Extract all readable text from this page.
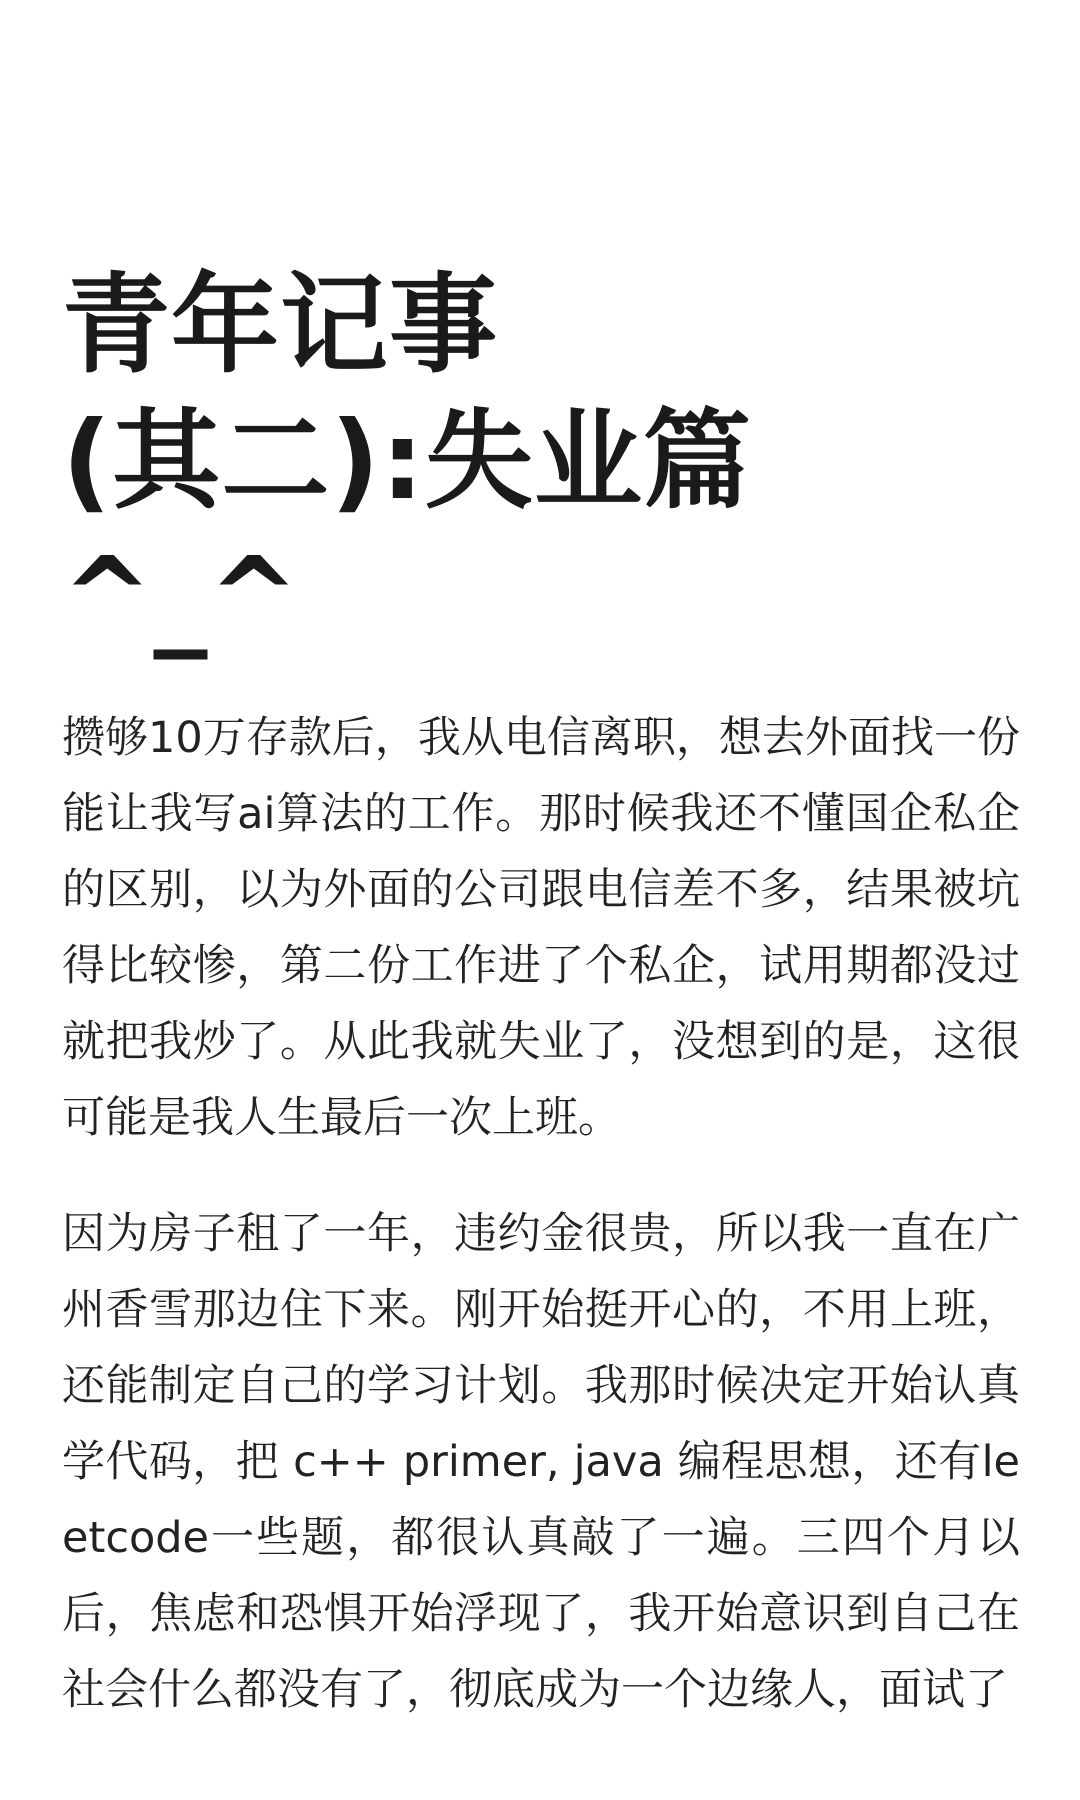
青年记事
(其二):失业篇
^_^

攒够10万存款后，我从电信离职，想去外面找一份能让我写ai算法的工作。那时候我还不懂国企私企的区别，以为外面的公司跟电信差不多，结果被坑得比较惨，第二份工作进了个私企，试用期都没过就把我炒了。从此我就失业了，没想到的是，这很可能是我人生最后一次上班。

因为房子租了一年，违约金很贵，所以我一直在广州香雪那边住下来。刚开始挺开心的，不用上班，还能制定自己的学习计划。我那时候决定开始认真学代码，把 c++ primer, java 编程思想，还有leetcode一些题，都很认真敲了一遍。三四个月以后，焦虑和恐惧开始浮现了，我开始意识到自己在社会什么都没有了，彻底成为一个边缘人，面试了
